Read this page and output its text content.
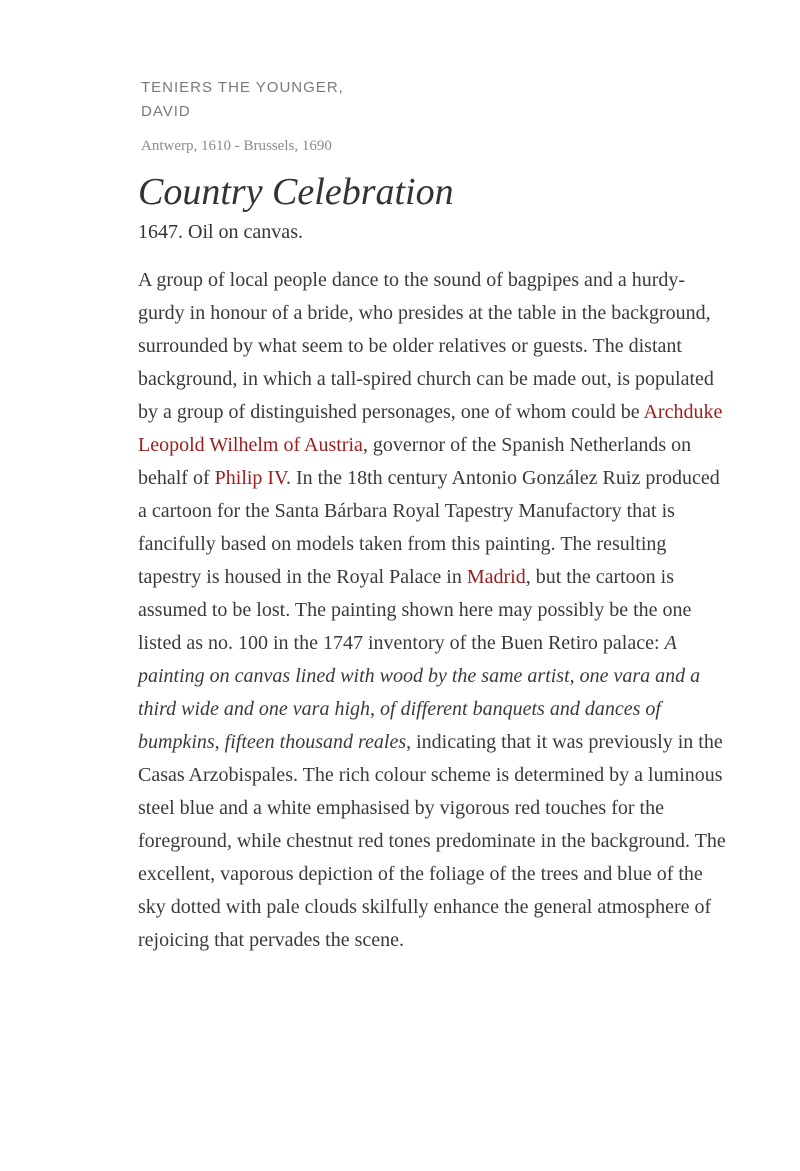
TENIERS THE YOUNGER, DAVID
Antwerp, 1610 - Brussels, 1690
Country Celebration
1647. Oil on canvas.
A group of local people dance to the sound of bagpipes and a hurdy-gurdy in honour of a bride, who presides at the table in the background, surrounded by what seem to be older relatives or guests. The distant background, in which a tall-spired church can be made out, is populated by a group of distinguished personages, one of whom could be Archduke Leopold Wilhelm of Austria, governor of the Spanish Netherlands on behalf of Philip IV. In the 18th century Antonio González Ruiz produced a cartoon for the Santa Bárbara Royal Tapestry Manufactory that is fancifully based on models taken from this painting. The resulting tapestry is housed in the Royal Palace in Madrid, but the cartoon is assumed to be lost. The painting shown here may possibly be the one listed as no. 100 in the 1747 inventory of the Buen Retiro palace: A painting on canvas lined with wood by the same artist, one vara and a third wide and one vara high, of different banquets and dances of bumpkins, fifteen thousand reales, indicating that it was previously in the Casas Arzobispales. The rich colour scheme is determined by a luminous steel blue and a white emphasised by vigorous red touches for the foreground, while chestnut red tones predominate in the background. The excellent, vaporous depiction of the foliage of the trees and blue of the sky dotted with pale clouds skilfully enhance the general atmosphere of rejoicing that pervades the scene.
